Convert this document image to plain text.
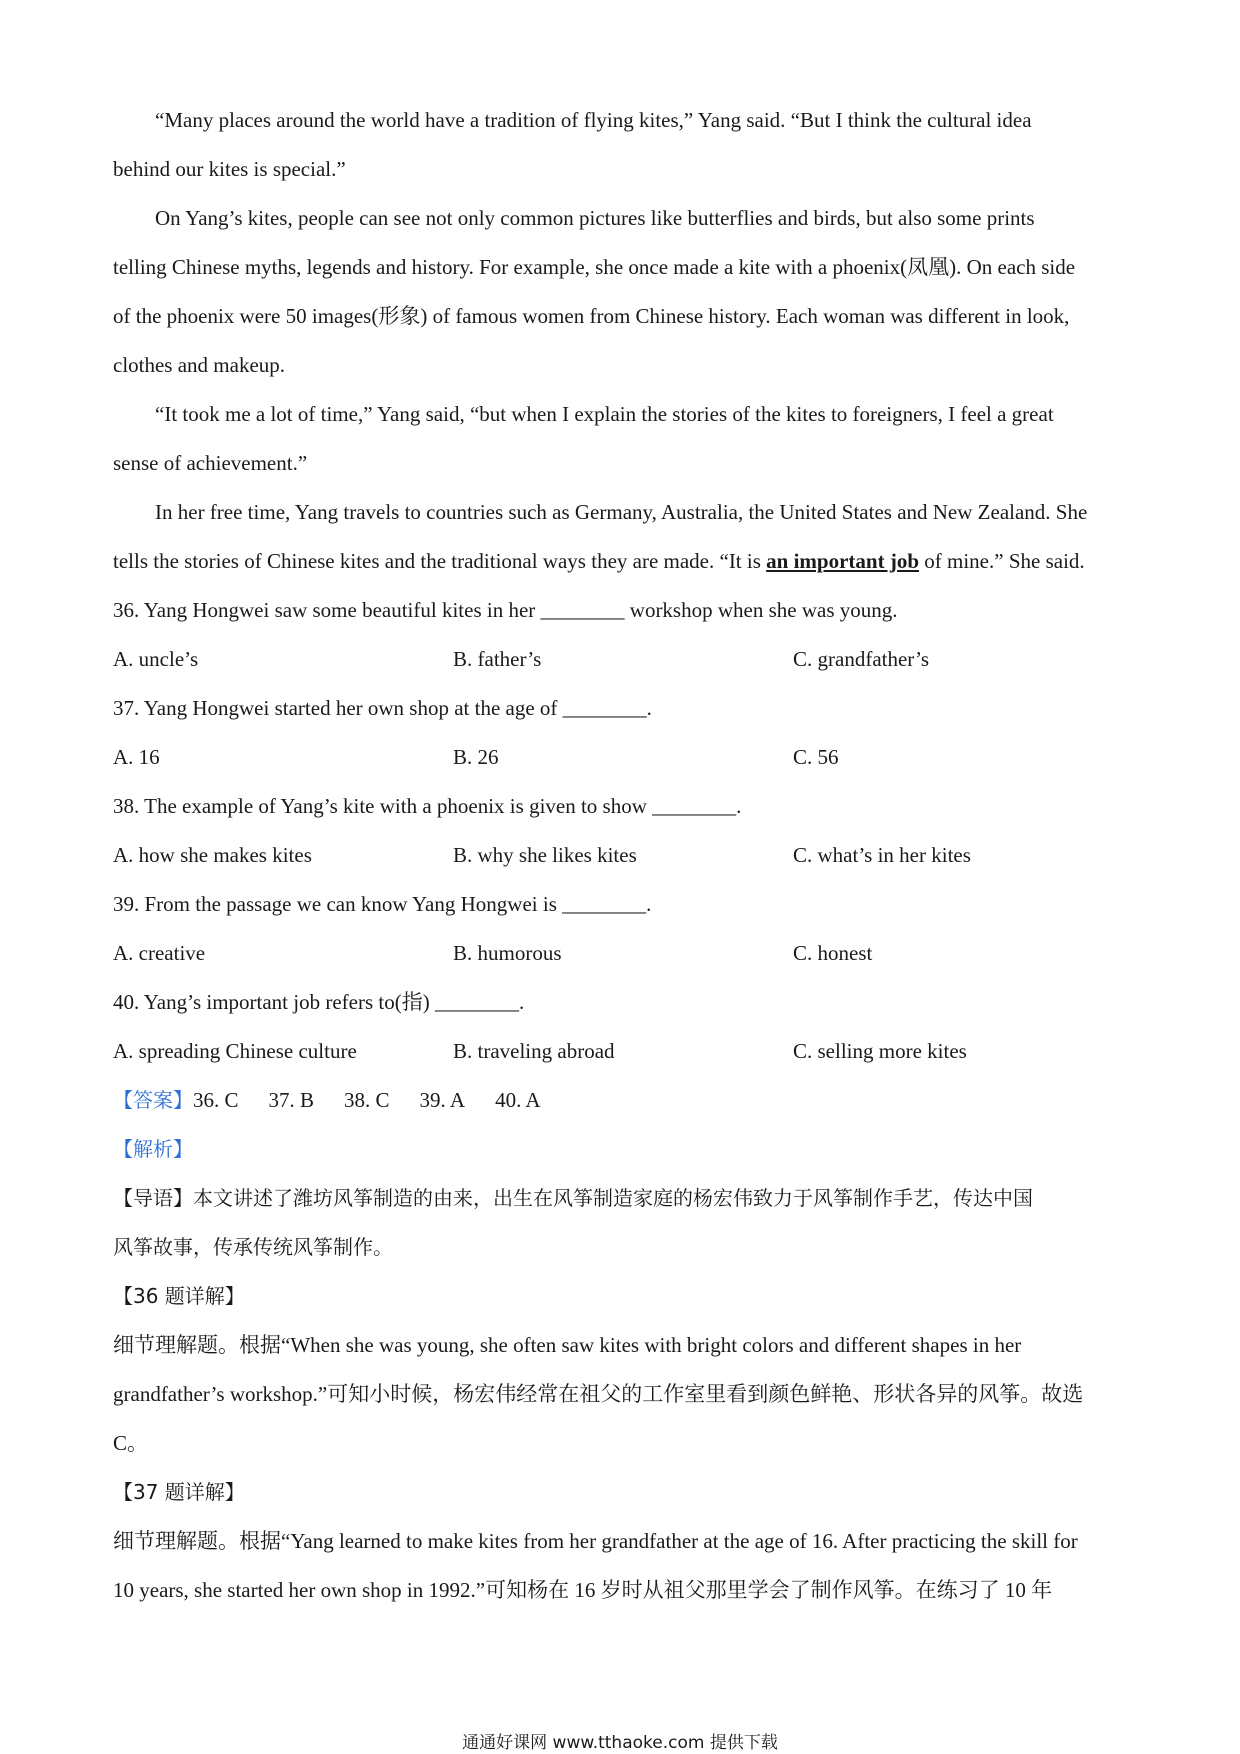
“Many places around the world have a tradition of flying kites,” Yang said. “But I think the cultural idea
behind our kites is special.”
On Yang’s kites, people can see not only common pictures like butterflies and birds, but also some prints
telling Chinese myths, legends and history. For example, she once made a kite with a phoenix(凤凰). On each side
of the phoenix were 50 images(形象) of famous women from Chinese history. Each woman was different in look,
clothes and makeup.
“It took me a lot of time,” Yang said, “but when I explain the stories of the kites to foreigners, I feel a great
sense of achievement.”
In her free time, Yang travels to countries such as Germany, Australia, the United States and New Zealand. She
tells the stories of Chinese kites and the traditional ways they are made. “It is an important job of mine.” She said.
36. Yang Hongwei saw some beautiful kites in her ________ workshop when she was young.
A. uncle’s	B. father’s	C. grandfather’s
37. Yang Hongwei started her own shop at the age of ________.
A. 16	B. 26	C. 56
38. The example of Yang’s kite with a phoenix is given to show ________.
A. how she makes kites	B. why she likes kites	C. what’s in her kites
39. From the passage we can know Yang Hongwei is ________.
A. creative	B. humorous	C. honest
40. Yang’s important job refers to(指) ________.
A. spreading Chinese culture	B. traveling abroad	C. selling more kites
【答案】36. C 37. B 38. C 39. A 40. A
【解析】
【导语】本文讲述了潍坊风筝制造的由来，出生在风筝制造家庭的杨宏伟致力于风筝制作手艺，传达中国
风筝故事，传承传统风筝制作。
【36 题详解】
细节理解题。根据“When she was young, she often saw kites with bright colors and different shapes in her
grandfather’s workshop.”可知小时候，杨宏伟经常在祖父的工作室里看到颜色鲜艳、形状各异的风筝。故选
C。
【37 题详解】
细节理解题。根据“Yang learned to make kites from her grandfather at the age of 16. After practicing the skill for
10 years, she started her own shop in 1992.”可知杨在 16 岁时从祖父那里学会了制作风筝。在练习了 10 年
通通好课网 www.tthaoke.com 提供下载
